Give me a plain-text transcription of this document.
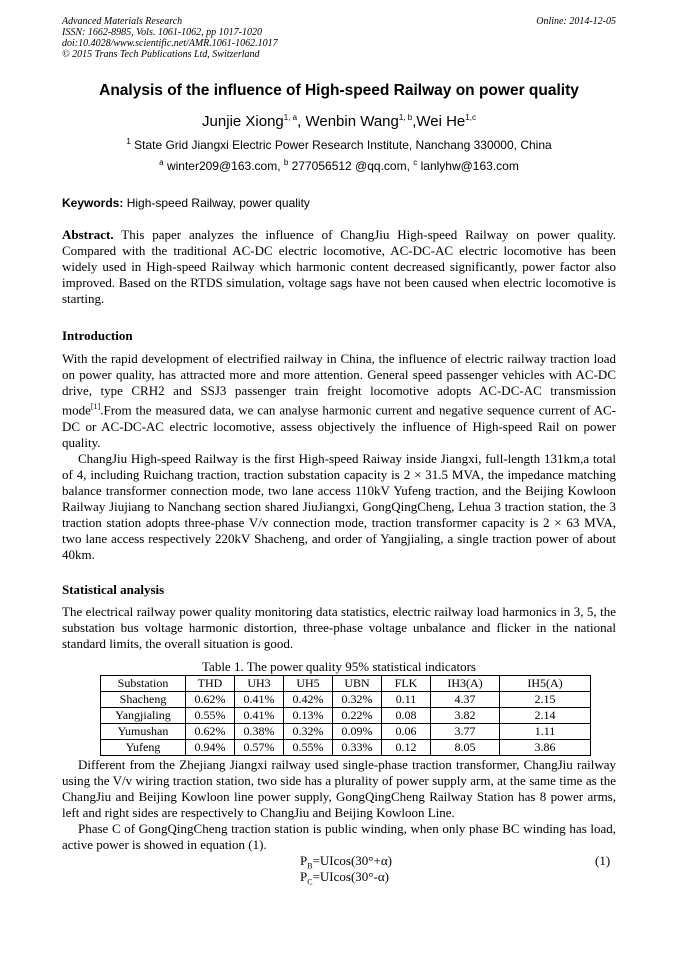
Advanced Materials Research
ISSN: 1662-8985, Vols. 1061-1062, pp 1017-1020
doi:10.4028/www.scientific.net/AMR.1061-1062.1017
© 2015 Trans Tech Publications Ltd, Switzerland
Online: 2014-12-05
Analysis of the influence of High-speed Railway on power quality
Junjie Xiong$^{1, a}$, Wenbin Wang$^{1, b}$,Wei He$^{1,c}$
$^1$ State Grid Jiangxi Electric Power Research Institute, Nanchang 330000, China
$^a$ winter209@163.com, $^b$ 277056512 @qq.com, $^c$ lanlyhw@163.com
Keywords: High-speed Railway, power quality

Abstract. This paper analyzes the influence of ChangJiu High-speed Railway on power quality. Compared with the traditional AC-DC electric locomotive, AC-DC-AC electric locomotive has been widely used in High-speed Railway which harmonic content decreased significantly, power factor also improved. Based on the RTDS simulation, voltage sags have not been caused when electric locomotive is starting.

Introduction

With the rapid development of electrified railway in China, the influence of electric railway traction load on power quality, has attracted more and more attention. General speed passenger vehicles with AC-DC drive, type CRH2 and SSJ3 passenger train freight locomotive adopts AC-DC-AC transmission mode[1].From the measured data, we can analyse harmonic current and negative sequence current of AC-DC or AC-DC-AC electric locomotive, assess objectively the influence of High-speed Rail on power quality.

ChangJiu High-speed Railway is the first High-speed Raiway inside Jiangxi, full-length 131km,a total of 4, including Ruichang traction, traction substation capacity is 2 × 31.5 MVA, the impedance matching balance transformer connection mode, two lane access 110kV Yufeng traction, and the Beijing Kowloon Railway Jiujiang to Nanchang section shared JiuJiangxi, GongQingCheng, Lehua 3 traction station, the 3 traction station adopts three-phase V/v connection mode, traction transformer capacity is 2 × 63 MVA, two lane access respectively 220kV Shacheng, and order of Yangjialing, a single traction power of about 40km.

Statistical analysis

The electrical railway power quality monitoring data statistics, electric railway load harmonics in 3, 5, the substation bus voltage harmonic distortion, three-phase voltage unbalance and flicker in the national standard limits, the overall situation is good.

Table 1. The power quality 95% statistical indicators
Substation	THD	UH3	UH5	UBN	FLK	IH3(A)	IH5(A)
Shacheng	0.62%	0.41%	0.42%	0.32%	0.11	4.37	2.15
Yangjialing	0.55%	0.41%	0.13%	0.22%	0.08	3.82	2.14
Yumushan	0.62%	0.38%	0.32%	0.09%	0.06	3.77	1.11
Yufeng	0.94%	0.57%	0.55%	0.33%	0.12	8.05	3.86

Different from the Zhejiang Jiangxi railway used single-phase traction transformer, ChangJiu railway using the V/v wiring traction station, two side has a plurality of power supply arm, at the same time as the ChangJiu and Beijing Kowloon line power supply, GongQingCheng Railway Station has 8 power arms, left and right sides are respectively to ChangJiu and Beijing Kowloon Line.

Phase C of GongQingCheng traction station is public winding, when only phase BC winding has load, active power is showed in equation (1).

$P_B=UIcos(30^\circ+\alpha)$	(1)
$P_C=UIcos(30^\circ-\alpha)$
